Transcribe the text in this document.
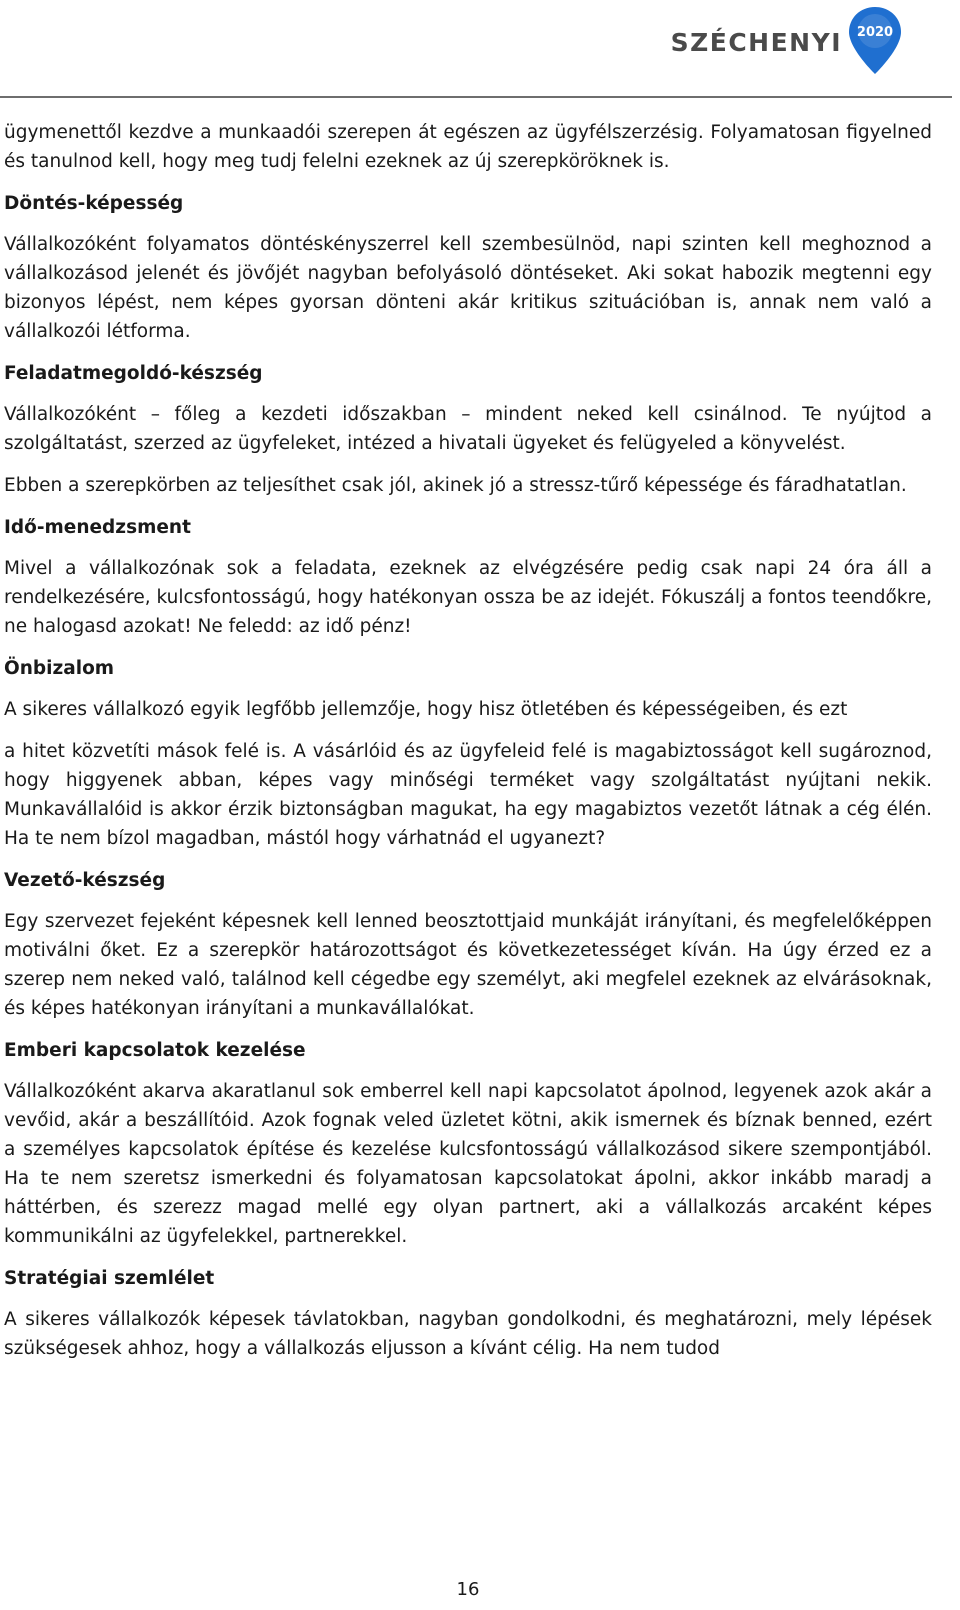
SZÉCHENYI 2020

ügymenettől kezdve a munkaadói szerepen át egészen az ügyfélszerzésig. Folyamatosan figyelned és tanulnod kell, hogy meg tudj felelni ezeknek az új szerepköröknek is.

Döntés-képesség

Vállalkozóként folyamatos döntéskényszerrel kell szembesülnöd, napi szinten kell meghoznod a vállalkozásod jelenét és jövőjét nagyban befolyásoló döntéseket. Aki sokat habozik megtenni egy bizonyos lépést, nem képes gyorsan dönteni akár kritikus szituációban is, annak nem való a vállalkozói létforma.

Feladatmegoldó-készség

Vállalkozóként – főleg a kezdeti időszakban – mindent neked kell csinálnod. Te nyújtod a szolgáltatást, szerzed az ügyfeleket, intézed a hivatali ügyeket és felügyeled a könyvelést.

Ebben a szerepkörben az teljesíthet csak jól, akinek jó a stressz-tűrő képessége és fáradhatatlan.

Idő-menedzsment

Mivel a vállalkozónak sok a feladata, ezeknek az elvégzésére pedig csak napi 24 óra áll a rendelkezésére, kulcsfontosságú, hogy hatékonyan ossza be az idejét. Fókuszálj a fontos teendőkre, ne halogasd azokat! Ne feledd: az idő pénz!

Önbizalom

A sikeres vállalkozó egyik legfőbb jellemzője, hogy hisz ötletében és képességeiben, és ezt

a hitet közvetíti mások felé is. A vásárlóid és az ügyfeleid felé is magabiztosságot kell sugároznod, hogy higgyenek abban, képes vagy minőségi terméket vagy szolgáltatást nyújtani nekik. Munkavállalóid is akkor érzik biztonságban magukat, ha egy magabiztos vezetőt látnak a cég élén. Ha te nem bízol magadban, mástól hogy várhatnád el ugyanezt?

Vezető-készség

Egy szervezet fejeként képesnek kell lenned beosztottjaid munkáját irányítani, és megfelelőképpen motiválni őket. Ez a szerepkör határozottságot és következetességet kíván. Ha úgy érzed ez a szerep nem neked való, találnod kell cégedbe egy személyt, aki megfelel ezeknek az elvárásoknak, és képes hatékonyan irányítani a munkavállalókat.

Emberi kapcsolatok kezelése

Vállalkozóként akarva akaratlanul sok emberrel kell napi kapcsolatot ápolnod, legyenek azok akár a vevőid, akár a beszállítóid. Azok fognak veled üzletet kötni, akik ismernek és bíznak benned, ezért a személyes kapcsolatok építése és kezelése kulcsfontosságú vállalkozásod sikere szempontjából. Ha te nem szeretsz ismerkedni és folyamatosan kapcsolatokat ápolni, akkor inkább maradj a háttérben, és szerezz magad mellé egy olyan partnert, aki a vállalkozás arcaként képes kommunikálni az ügyfelekkel, partnerekkel.

Stratégiai szemlélet

A sikeres vállalkozók képesek távlatokban, nagyban gondolkodni, és meghatározni, mely lépések szükségesek ahhoz, hogy a vállalkozás eljusson a kívánt célig. Ha nem tudod

16
